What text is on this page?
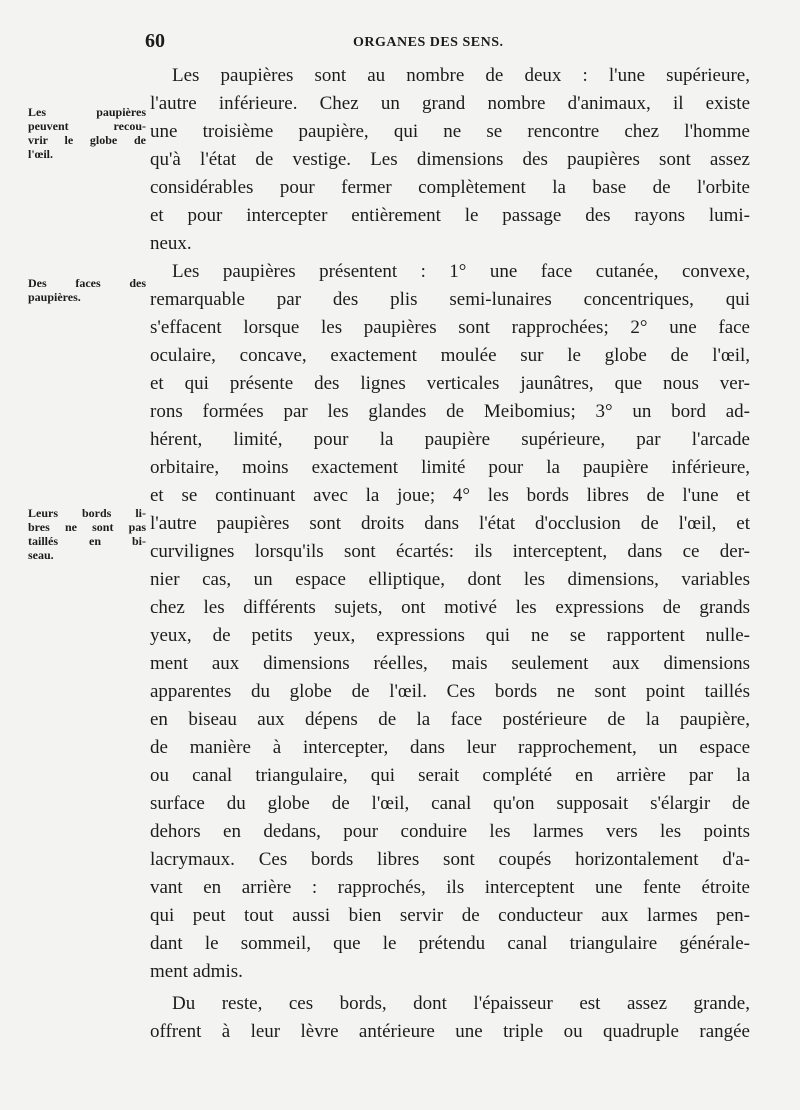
60	ORGANES DES SENS.
Les paupières
peuvent recou-
vrir le globe de
l'œil.
Des faces des
paupières.
Leurs bords li-
bres ne sont pas
taillés en bi-
seau.
Les paupières sont au nombre de deux : l'une supérieure,
l'autre inférieure. Chez un grand nombre d'animaux, il existe
une troisième paupière, qui ne se rencontre chez l'homme
qu'à l'état de vestige. Les dimensions des paupières sont assez
considérables pour fermer complètement la base de l'orbite
et pour intercepter entièrement le passage des rayons lumi-
neux.
Les paupières présentent : 1° une face cutanée, convexe,
remarquable par des plis semi-lunaires concentriques, qui
s'effacent lorsque les paupières sont rapprochées; 2° une face
oculaire, concave, exactement moulée sur le globe de l'œil,
et qui présente des lignes verticales jaunâtres, que nous ver-
rons formées par les glandes de Meibomius; 3° un bord ad-
hérent, limité, pour la paupière supérieure, par l'arcade
orbitaire, moins exactement limité pour la paupière inférieure,
et se continuant avec la joue; 4° les bords libres de l'une et
l'autre paupières sont droits dans l'état d'occlusion de l'œil, et
curvilignes lorsqu'ils sont écartés: ils interceptent, dans ce der-
nier cas, un espace elliptique, dont les dimensions, variables
chez les différents sujets, ont motivé les expressions de grands
yeux, de petits yeux, expressions qui ne se rapportent nulle-
ment aux dimensions réelles, mais seulement aux dimensions
apparentes du globe de l'œil. Ces bords ne sont point taillés
en biseau aux dépens de la face postérieure de la paupière,
de manière à intercepter, dans leur rapprochement, un espace
ou canal triangulaire, qui serait complété en arrière par la
surface du globe de l'œil, canal qu'on supposait s'élargir de
dehors en dedans, pour conduire les larmes vers les points
lacrymaux. Ces bords libres sont coupés horizontalement d'a-
vant en arrière : rapprochés, ils interceptent une fente étroite
qui peut tout aussi bien servir de conducteur aux larmes pen-
dant le sommeil, que le prétendu canal triangulaire générale-
ment admis.
Du reste, ces bords, dont l'épaisseur est assez grande,
offrent à leur lèvre antérieure une triple ou quadruple rangée
